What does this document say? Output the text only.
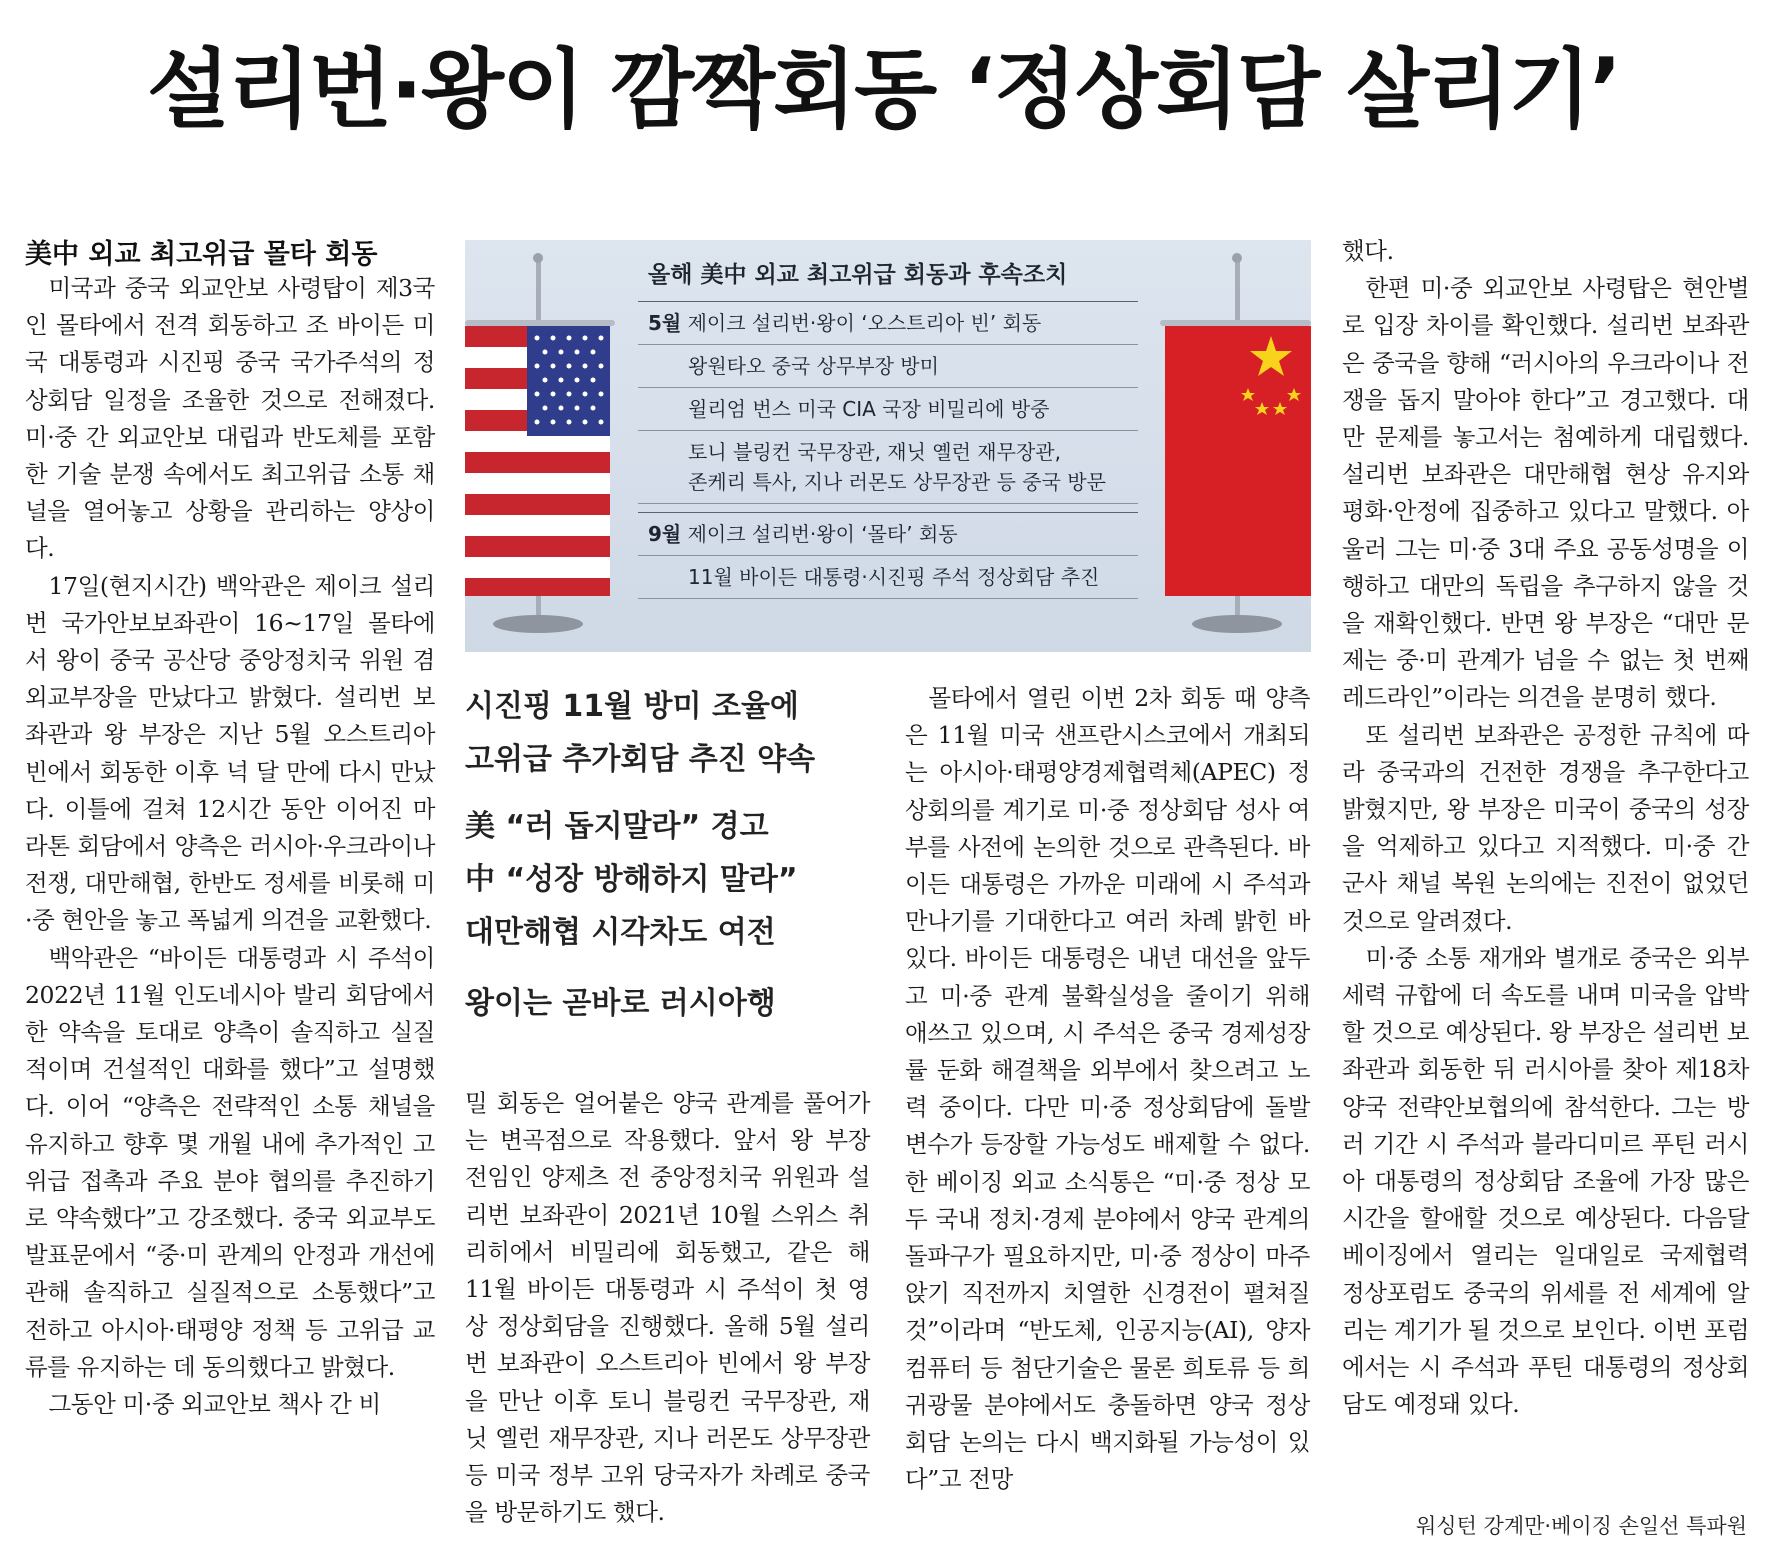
설리번·왕이 깜짝회동 ‘정상회담 살리기’
美中 외교 최고위급 몰타 회동

미국과 중국 외교안보 사령탑이 제3국인 몰타에서 전격 회동하고 조 바이든 미국 대통령과 시진핑 중국 국가주석의 정상회담 일정을 조율한 것으로 전해졌다. 미·중 간 외교안보 대립과 반도체를 포함한 기술 분쟁 속에서도 최고위급 소통 채널을 열어놓고 상황을 관리하는 양상이다.

17일(현지시간) 백악관은 제이크 설리번 국가안보보좌관이 16~17일 몰타에서 왕이 중국 공산당 중앙정치국 위원 겸 외교부장을 만났다고 밝혔다. 설리번 보좌관과 왕 부장은 지난 5월 오스트리아 빈에서 회동한 이후 넉 달 만에 다시 만났다. 이틀에 걸쳐 12시간 동안 이어진 마라톤 회담에서 양측은 러시아·우크라이나 전쟁, 대만해협, 한반도 정세를 비롯해 미·중 현안을 놓고 폭넓게 의견을 교환했다.

백악관은 “바이든 대통령과 시 주석이 2022년 11월 인도네시아 발리 회담에서 한 약속을 토대로 양측이 솔직하고 실질적이며 건설적인 대화를 했다”고 설명했다. 이어 “양측은 전략적인 소통 채널을 유지하고 향후 몇 개월 내에 추가적인 고위급 접촉과 주요 분야 협의를 추진하기로 약속했다”고 강조했다. 중국 외교부도 발표문에서 “중·미 관계의 안정과 개선에 관해 솔직하고 실질적으로 소통했다”고 전하고 아시아·태평양 정책 등 고위급 교류를 유지하는 데 동의했다고 밝혔다.

그동안 미·중 외교안보 책사 간 비

올해 美中 외교 최고위급 회동과 후속조치
5월 제이크 설리번·왕이 ‘오스트리아 빈’ 회동
왕원타오 중국 상무부장 방미
윌리엄 번스 미국 CIA 국장 비밀리에 방중
토니 블링컨 국무장관, 재닛 옐런 재무장관,
존케리 특사, 지나 러몬도 상무장관 등 중국 방문
9월 제이크 설리번·왕이 ‘몰타’ 회동
11월 바이든 대통령·시진핑 주석 정상회담 추진
시진핑 11월 방미 조율에
고위급 추가회담 추진 약속
美 “러 돕지말라” 경고
中 “성장 방해하지 말라”
대만해협 시각차도 여전
왕이는 곧바로 러시아행

밀 회동은 얼어붙은 양국 관계를 풀어가는 변곡점으로 작용했다. 앞서 왕 부장 전임인 양제츠 전 중앙정치국 위원과 설리번 보좌관이 2021년 10월 스위스 취리히에서 비밀리에 회동했고, 같은 해 11월 바이든 대통령과 시 주석이 첫 영상 정상회담을 진행했다. 올해 5월 설리번 보좌관이 오스트리아 빈에서 왕 부장을 만난 이후 토니 블링컨 국무장관, 재닛 옐런 재무장관, 지나 러몬도 상무장관 등 미국 정부 고위 당국자가 차례로 중국을 방문하기도 했다.

몰타에서 열린 이번 2차 회동 때 양측은 11월 미국 샌프란시스코에서 개최되는 아시아·태평양경제협력체(APEC) 정상회의를 계기로 미·중 정상회담 성사 여부를 사전에 논의한 것으로 관측된다. 바이든 대통령은 가까운 미래에 시 주석과 만나기를 기대한다고 여러 차례 밝힌 바 있다. 바이든 대통령은 내년 대선을 앞두고 미·중 관계 불확실성을 줄이기 위해 애쓰고 있으며, 시 주석은 중국 경제성장률 둔화 해결책을 외부에서 찾으려고 노력 중이다. 다만 미·중 정상회담에 돌발 변수가 등장할 가능성도 배제할 수 없다. 한 베이징 외교 소식통은 “미·중 정상 모두 국내 정치·경제 분야에서 양국 관계의 돌파구가 필요하지만, 미·중 정상이 마주 앉기 직전까지 치열한 신경전이 펼쳐질 것”이라며 “반도체, 인공지능(AI), 양자컴퓨터 등 첨단기술은 물론 희토류 등 희귀광물 분야에서도 충돌하면 양국 정상회담 논의는 다시 백지화될 가능성이 있다”고 전망

했다.

한편 미·중 외교안보 사령탑은 현안별로 입장 차이를 확인했다. 설리번 보좌관은 중국을 향해 “러시아의 우크라이나 전쟁을 돕지 말아야 한다”고 경고했다. 대만 문제를 놓고서는 첨예하게 대립했다. 설리번 보좌관은 대만해협 현상 유지와 평화·안정에 집중하고 있다고 말했다. 아울러 그는 미·중 3대 주요 공동성명을 이행하고 대만의 독립을 추구하지 않을 것을 재확인했다. 반면 왕 부장은 “대만 문제는 중·미 관계가 넘을 수 없는 첫 번째 레드라인”이라는 의견을 분명히 했다.

또 설리번 보좌관은 공정한 규칙에 따라 중국과의 건전한 경쟁을 추구한다고 밝혔지만, 왕 부장은 미국이 중국의 성장을 억제하고 있다고 지적했다. 미·중 간 군사 채널 복원 논의에는 진전이 없었던 것으로 알려졌다.

미·중 소통 재개와 별개로 중국은 외부 세력 규합에 더 속도를 내며 미국을 압박할 것으로 예상된다. 왕 부장은 설리번 보좌관과 회동한 뒤 러시아를 찾아 제18차 양국 전략안보협의에 참석한다. 그는 방러 기간 시 주석과 블라디미르 푸틴 러시아 대통령의 정상회담 조율에 가장 많은 시간을 할애할 것으로 예상된다. 다음달 베이징에서 열리는 일대일로 국제협력 정상포럼도 중국의 위세를 전 세계에 알리는 계기가 될 것으로 보인다. 이번 포럼에서는 시 주석과 푸틴 대통령의 정상회담도 예정돼 있다.

워싱턴 강계만·베이징 손일선 특파원
